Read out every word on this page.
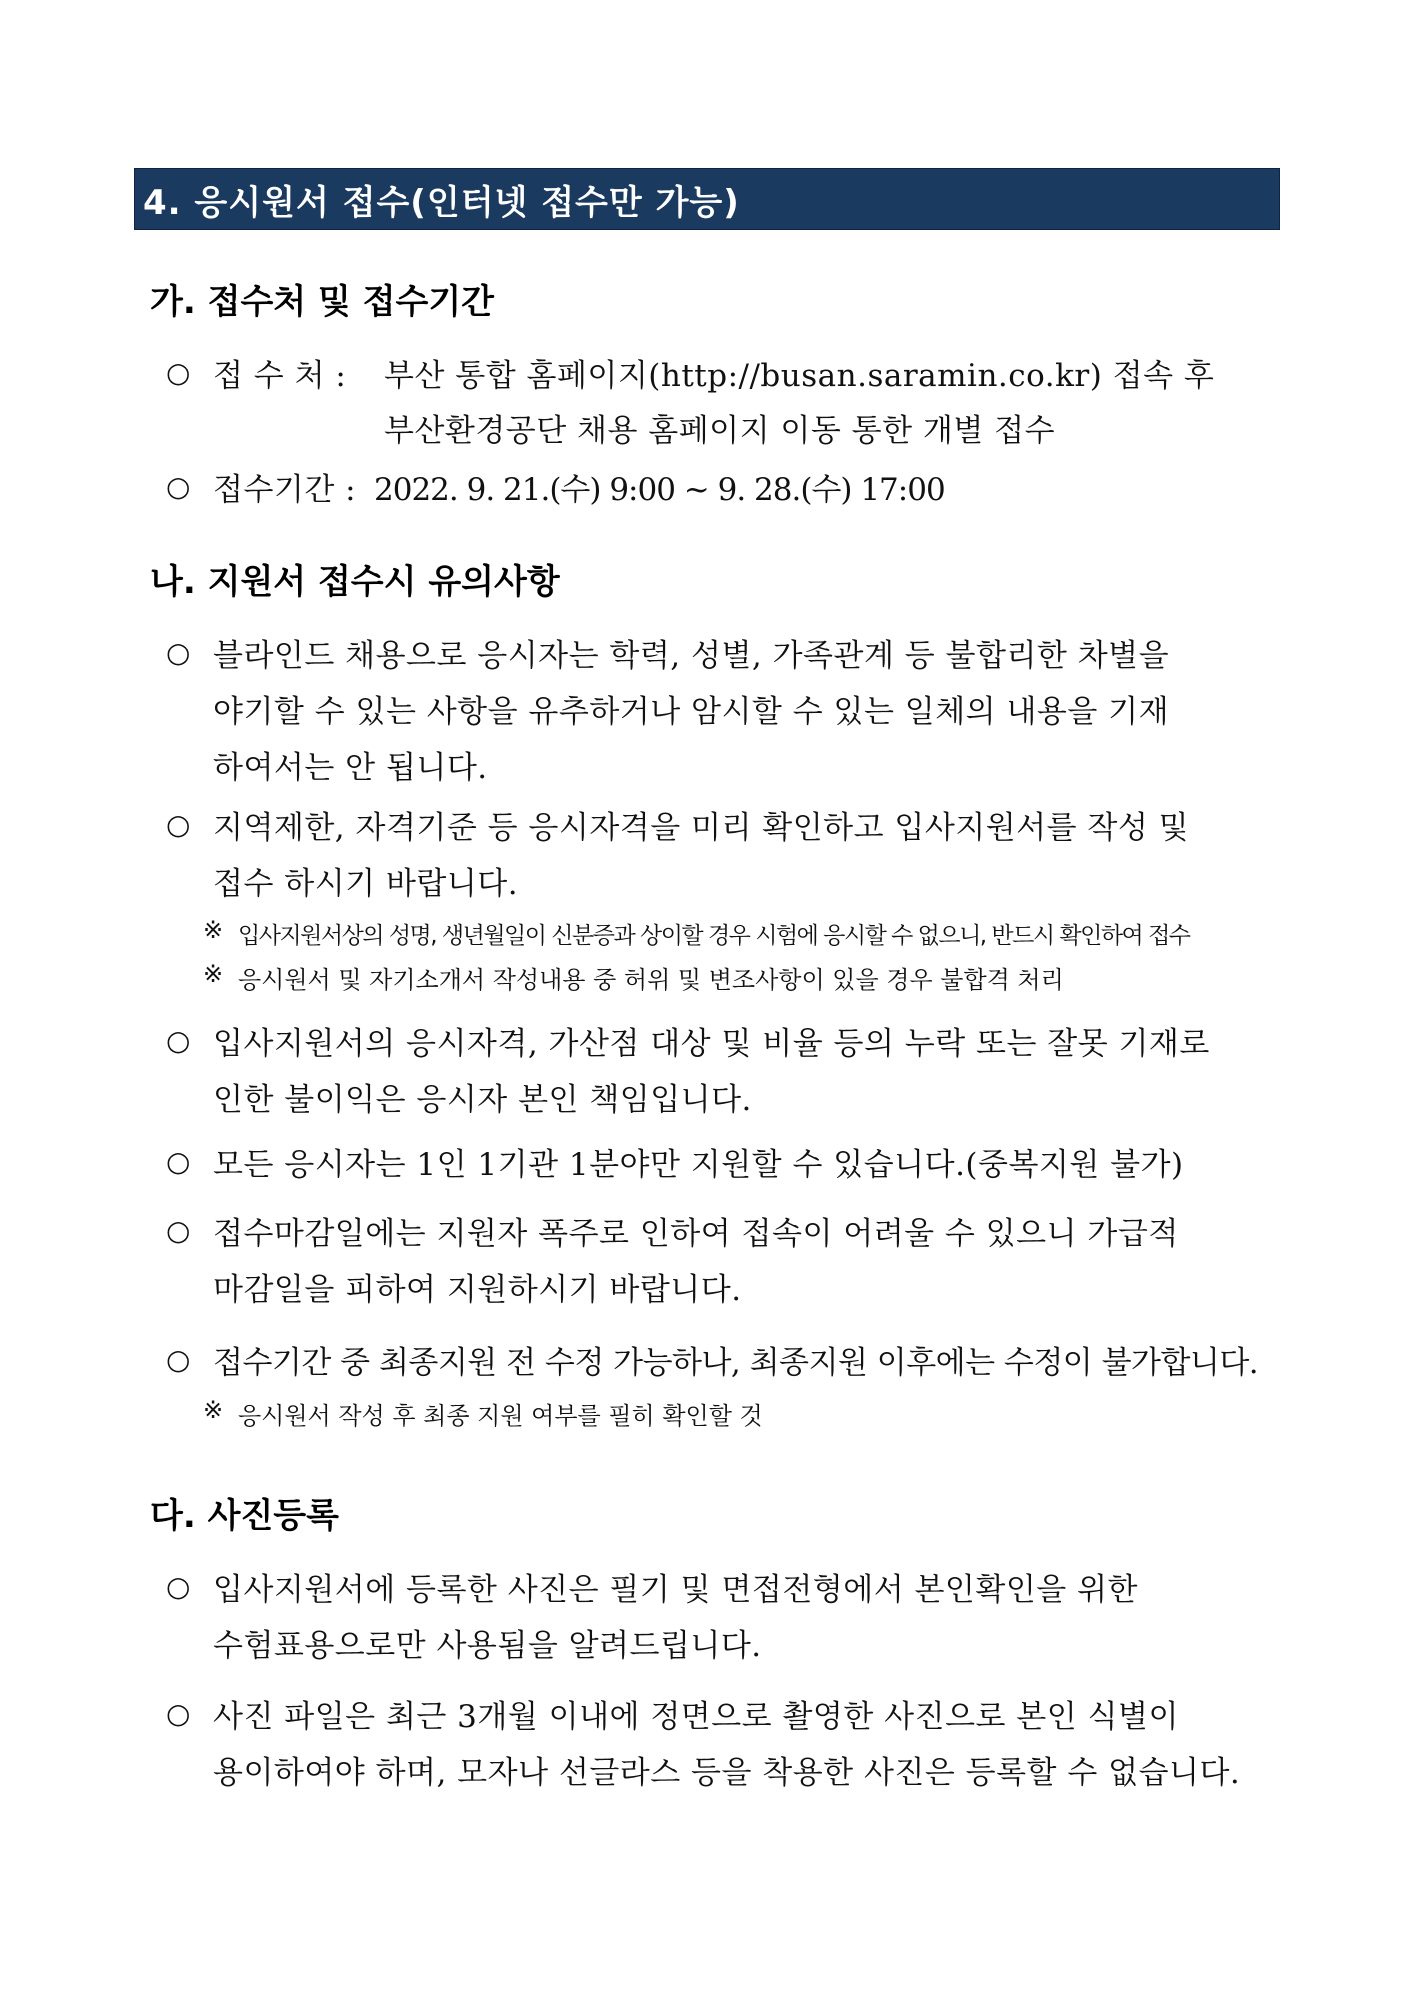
4. 응시원서 접수(인터넷 접수만 가능)
가. 접수처 및 접수기간
○ 접 수 처 : 부산 통합 홈페이지(http://busan.saramin.co.kr) 접속 후
부산환경공단 채용 홈페이지 이동 통한 개별 접수
○ 접수기간 : 2022. 9. 21.(수) 9:00 ~ 9. 28.(수) 17:00
나. 지원서 접수시 유의사항
○ 블라인드 채용으로 응시자는 학력, 성별, 가족관계 등 불합리한 차별을
야기할 수 있는 사항을 유추하거나 암시할 수 있는 일체의 내용을 기재
하여서는 안 됩니다.
○ 지역제한, 자격기준 등 응시자격을 미리 확인하고 입사지원서를 작성 및
접수 하시기 바랍니다.
※ 입사지원서상의 성명, 생년월일이 신분증과 상이할 경우 시험에 응시할 수 없으니, 반드시 확인하여 접수
※ 응시원서 및 자기소개서 작성내용 중 허위 및 변조사항이 있을 경우 불합격 처리
○ 입사지원서의 응시자격, 가산점 대상 및 비율 등의 누락 또는 잘못 기재로
인한 불이익은 응시자 본인 책임입니다.
○ 모든 응시자는 1인 1기관 1분야만 지원할 수 있습니다.(중복지원 불가)
○ 접수마감일에는 지원자 폭주로 인하여 접속이 어려울 수 있으니 가급적
마감일을 피하여 지원하시기 바랍니다.
○ 접수기간 중 최종지원 전 수정 가능하나, 최종지원 이후에는 수정이 불가합니다.
※ 응시원서 작성 후 최종 지원 여부를 필히 확인할 것
다. 사진등록
○ 입사지원서에 등록한 사진은 필기 및 면접전형에서 본인확인을 위한
수험표용으로만 사용됨을 알려드립니다.
○ 사진 파일은 최근 3개월 이내에 정면으로 촬영한 사진으로 본인 식별이
용이하여야 하며, 모자나 선글라스 등을 착용한 사진은 등록할 수 없습니다.
